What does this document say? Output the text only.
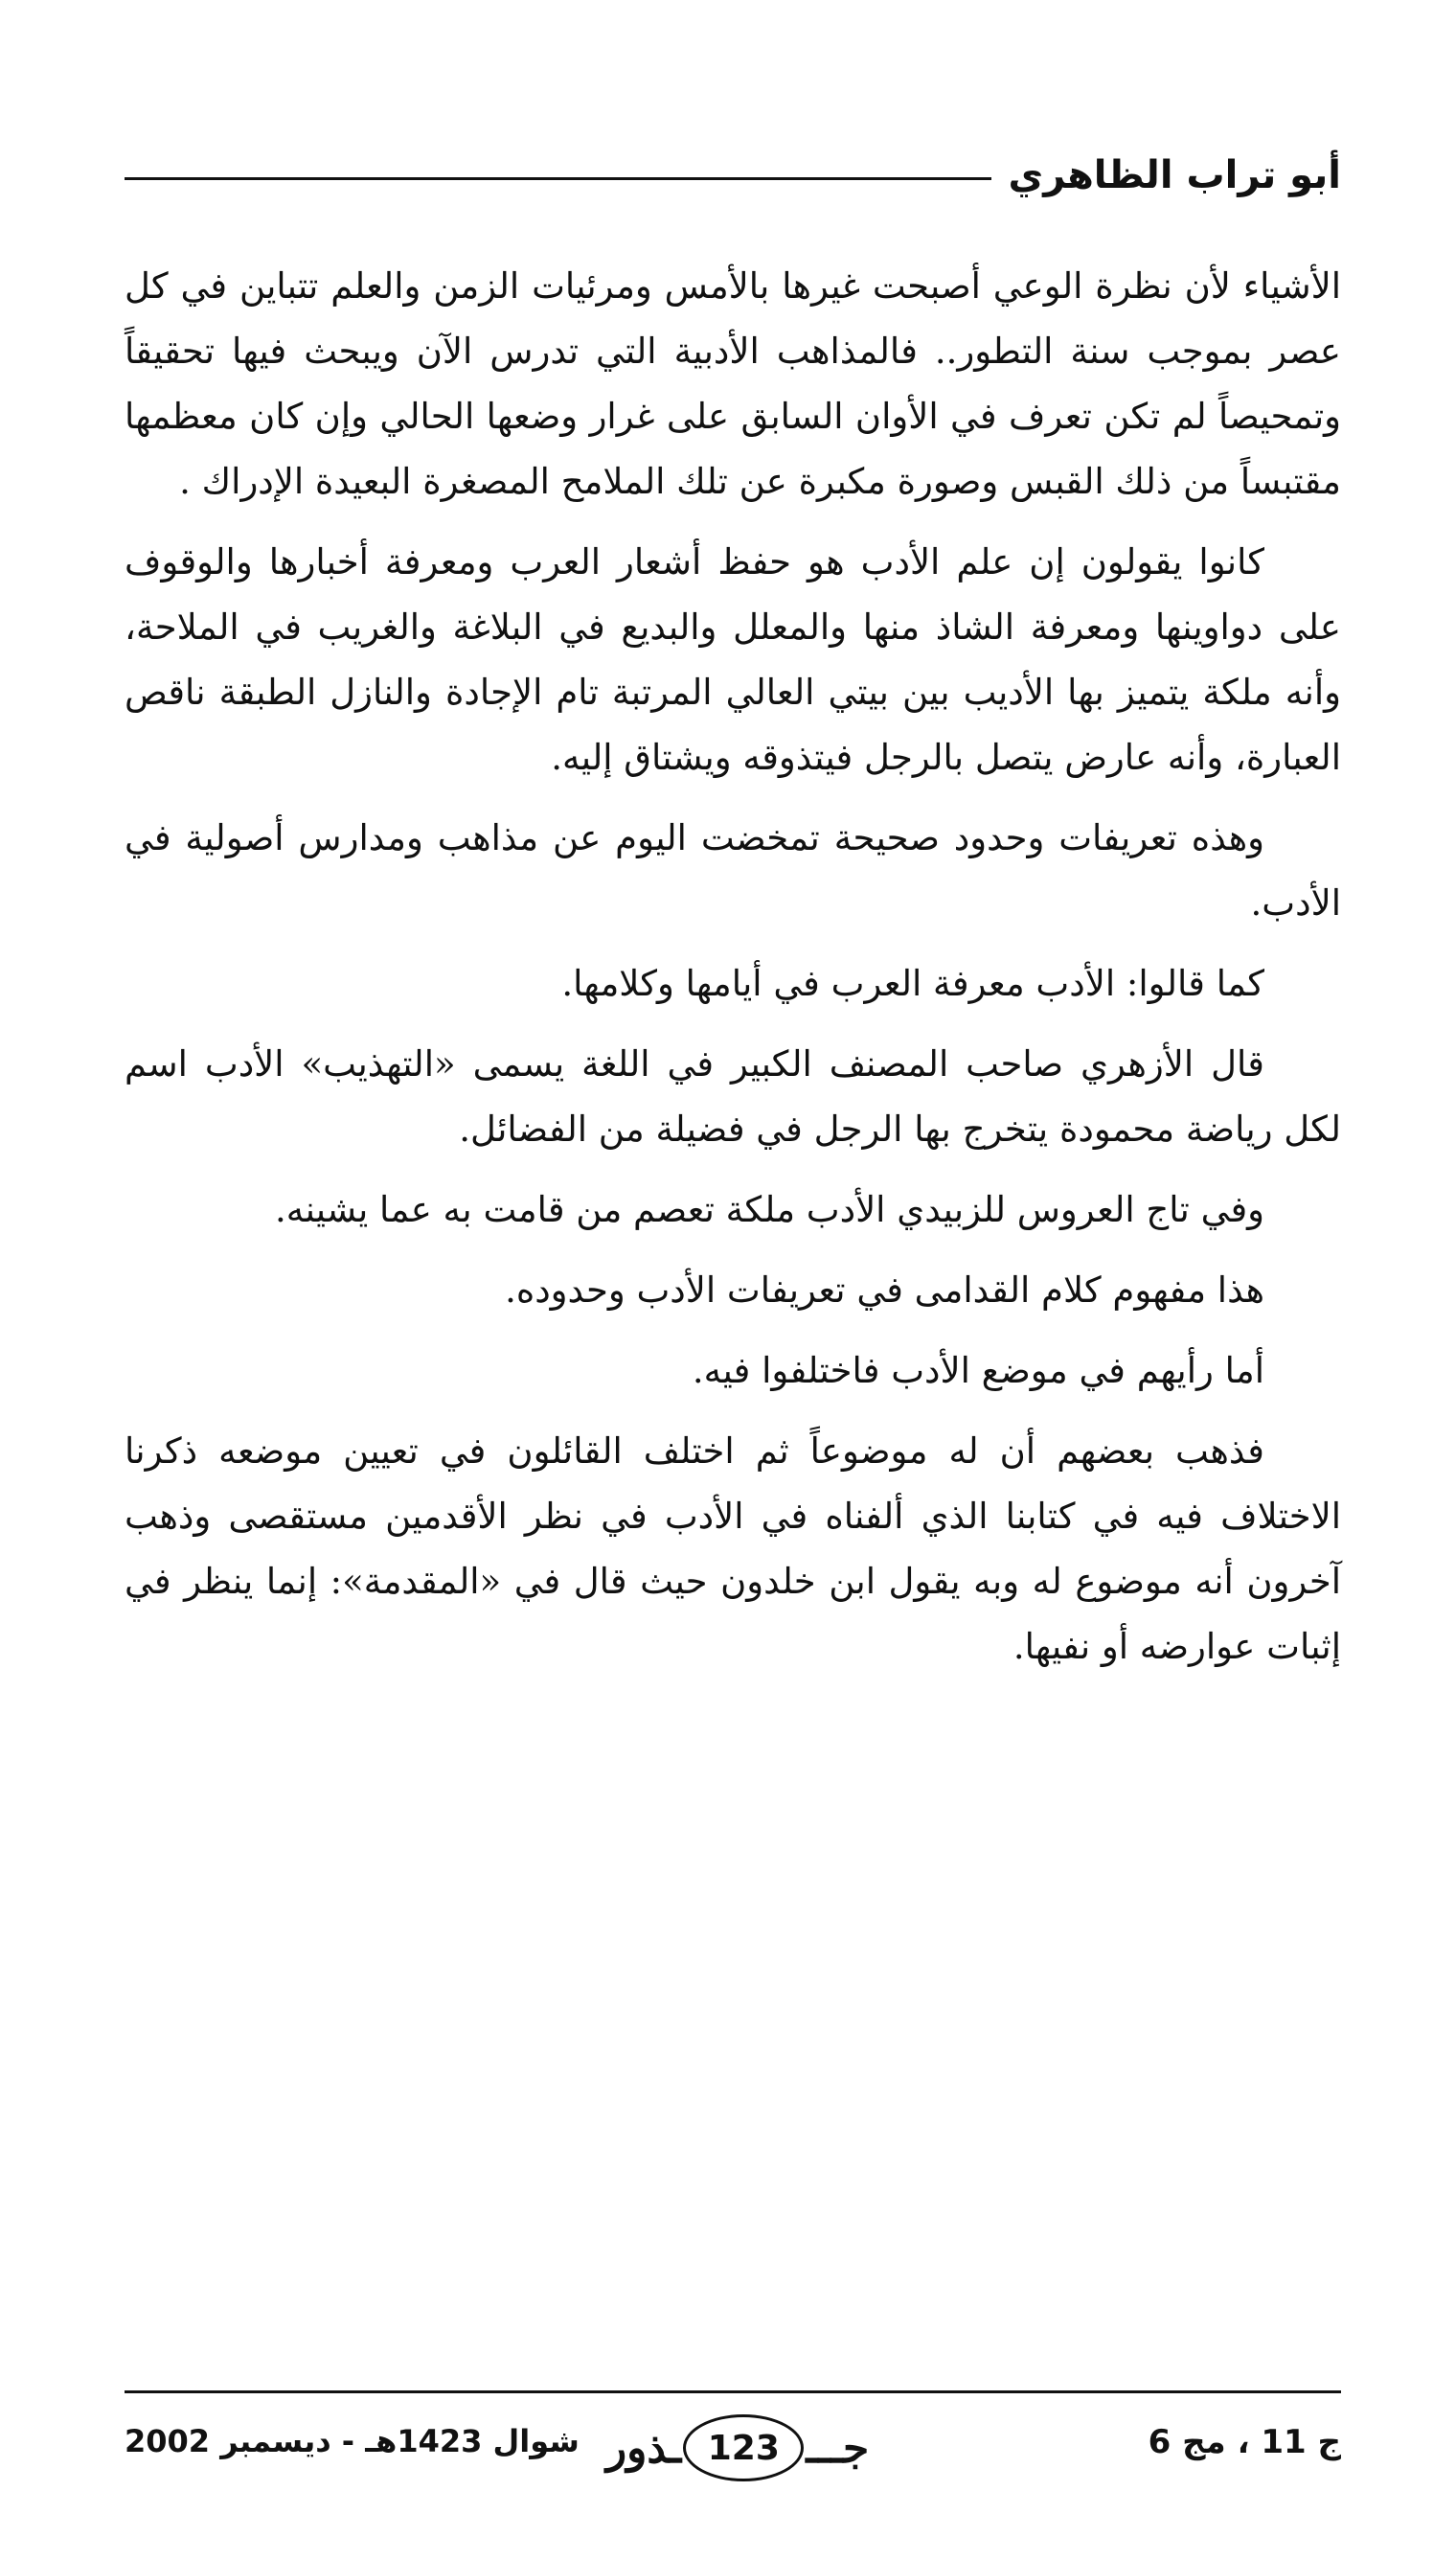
أبو تراب الظاهري

الأشياء لأن نظرة الوعي أصبحت غيرها بالأمس ومرئيات الزمن والعلم تتباين في كل عصر بموجب سنة التطور.. فالمذاهب الأدبية التي تدرس الآن ويبحث فيها تحقيقاً وتمحيصاً لم تكن تعرف في الأوان السابق على غرار وضعها الحالي وإن كان معظمها مقتبساً من ذلك القبس وصورة مكبرة عن تلك الملامح المصغرة البعيدة الإدراك .

كانوا يقولون إن علم الأدب هو حفظ أشعار العرب ومعرفة أخبارها والوقوف على دواوينها ومعرفة الشاذ منها والمعلل والبديع في البلاغة والغريب في الملاحة، وأنه ملكة يتميز بها الأديب بين بيتي العالي المرتبة تام الإجادة والنازل الطبقة ناقص العبارة، وأنه عارض يتصل بالرجل فيتذوقه ويشتاق إليه.

وهذه تعريفات وحدود صحيحة تمخضت اليوم عن مذاهب ومدارس أصولية في الأدب.

كما قالوا: الأدب معرفة العرب في أيامها وكلامها.

قال الأزهري صاحب المصنف الكبير في اللغة يسمى «التهذيب» الأدب اسم لكل رياضة محمودة يتخرج بها الرجل في فضيلة من الفضائل.

وفي تاج العروس للزبيدي الأدب ملكة تعصم من قامت به عما يشينه.

هذا مفهوم كلام القدامى في تعريفات الأدب وحدوده.

أما رأيهم في موضع الأدب فاختلفوا فيه.

فذهب بعضهم أن له موضوعاً ثم اختلف القائلون في تعيين موضعه ذكرنا الاختلاف فيه في كتابنا الذي ألفناه في الأدب في نظر الأقدمين مستقصى وذهب آخرون أنه موضوع له وبه يقول ابن خلدون حيث قال في «المقدمة»: إنما ينظر في إثبات عوارضه أو نفيها.

ج 11 ، مج 6
جـــ
123
ـذور
شوال 1423هـ - ديسمبر 2002
